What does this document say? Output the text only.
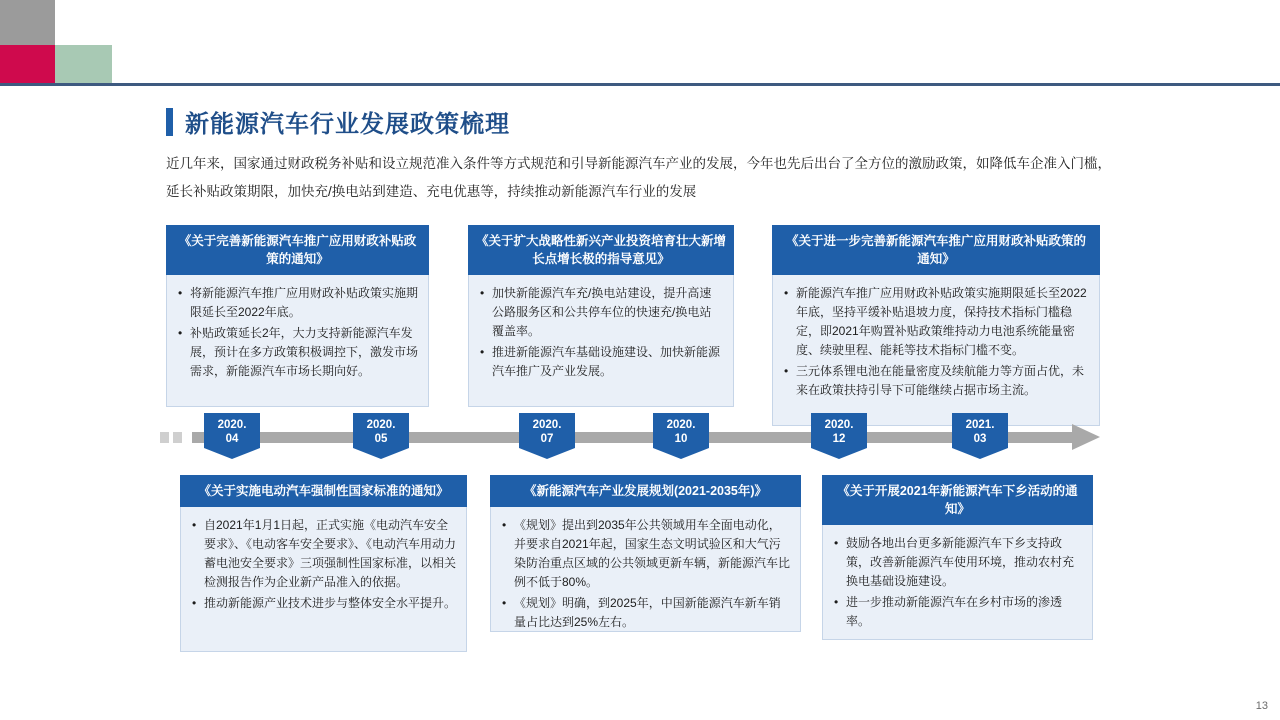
新能源汽车行业发展政策梳理
近几年来，国家通过财政税务补贴和设立规范准入条件等方式规范和引导新能源汽车产业的发展，今年也先后出台了全方位的激励政策，如降低车企准入门槛，延长补贴政策期限，加快充/换电站到建造、充电优惠等，持续推动新能源汽车行业的发展
《关于完善新能源汽车推广应用财政补贴政策的通知》
• 将新能源汽车推广应用财政补贴政策实施期限延长至2022年底。
• 补贴政策延长2年，大力支持新能源汽车发展，预计在多方政策积极调控下，激发市场需求，新能源汽车市场长期向好。
《关于扩大战略性新兴产业投资培育壮大新增长点增长极的指导意见》
• 加快新能源汽车充/换电站建设，提升高速公路服务区和公共停车位的快速充/换电站覆盖率。
• 推进新能源汽车基础设施建设、加快新能源汽车推广及产业发展。
《关于进一步完善新能源汽车推广应用财政补贴政策的通知》
• 新能源汽车推广应用财政补贴政策实施期限延长至2022年底，坚持平缓补贴退坡力度，保持技术指标门槛稳定，即2021年购置补贴政策维持动力电池系统能量密度、续驶里程、能耗等技术指标门槛不变。
• 三元体系锂电池在能量密度及续航能力等方面占优，未来在政策扶持引导下可能继续占据市场主流。
2020.
04
2020.
05
2020.
07
2020.
10
2020.
12
2021.
03
《关于实施电动汽车强制性国家标准的通知》
• 自2021年1月1日起，正式实施《电动汽车安全要求》、《电动客车安全要求》、《电动汽车用动力蓄电池安全要求》三项强制性国家标准，以相关检测报告作为企业新产品准入的依据。
• 推动新能源产业技术进步与整体安全水平提升。
《新能源汽车产业发展规划(2021-2035年)》
• 《规划》提出到2035年公共领域用车全面电动化，并要求自2021年起，国家生态文明试验区和大气污染防治重点区域的公共领域更新车辆，新能源汽车比例不低于80%。
• 《规划》明确，到2025年，中国新能源汽车新车销量占比达到25%左右。
《关于开展2021年新能源汽车下乡活动的通知》
• 鼓励各地出台更多新能源汽车下乡支持政策，改善新能源汽车使用环境，推动农村充换电基础设施建设。
• 进一步推动新能源汽车在乡村市场的渗透率。
13
